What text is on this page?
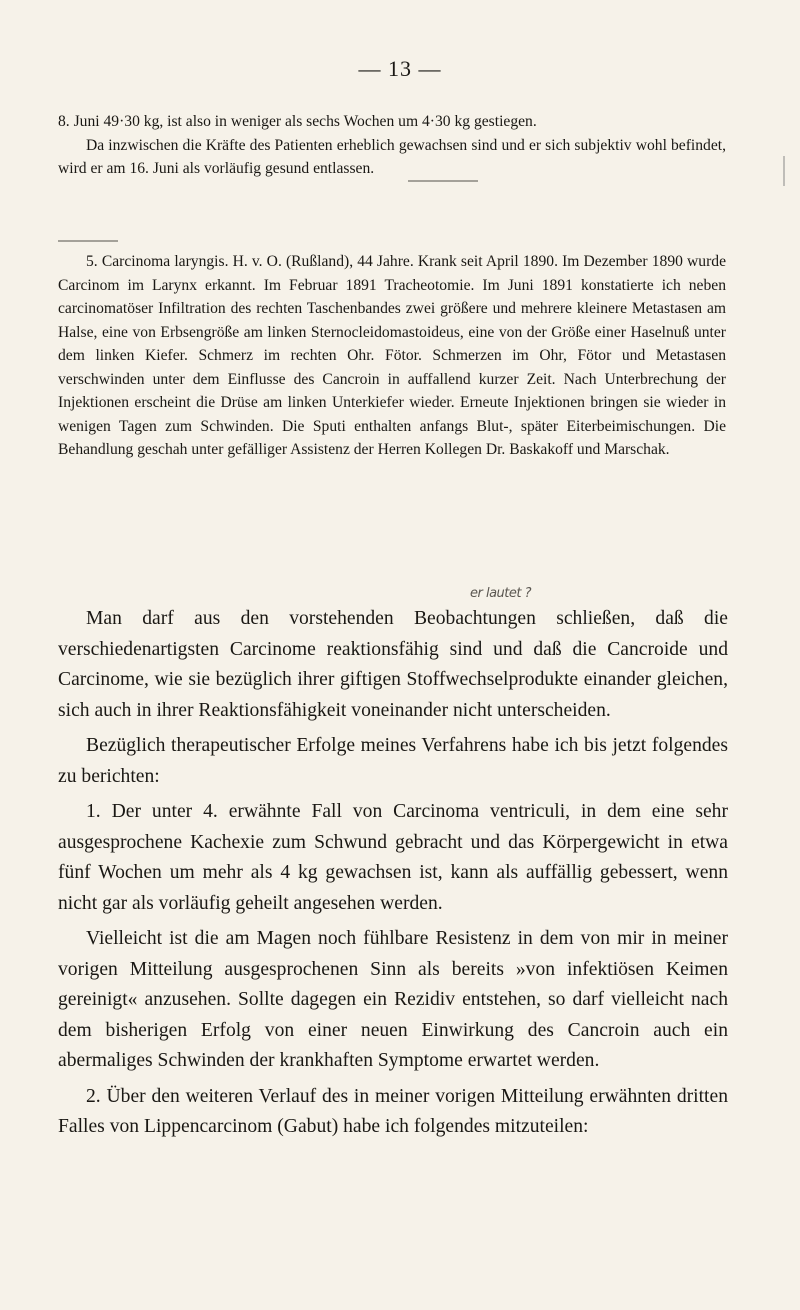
— 13 —

8. Juni 49·30 kg, ist also in weniger als sechs Wochen um 4·30 kg gestiegen.

Da inzwischen die Kräfte des Patienten erheblich gewachsen sind und er sich subjektiv wohl befindet, wird er am 16. Juni als vorläufig gesund entlassen.

5. Carcinoma laryngis. H. v. O. (Rußland), 44 Jahre. Krank seit April 1890. Im Dezember 1890 wurde Carcinom im Larynx erkannt. Im Februar 1891 Tracheotomie. Im Juni 1891 konstatierte ich neben carcinomatöser Infiltration des rechten Taschenbandes zwei größere und mehrere kleinere Metastasen am Halse, eine von Erbsengröße am linken Sternocleidomastoideus, eine von der Größe einer Haselnuß unter dem linken Kiefer. Schmerz im rechten Ohr. Fötor. Schmerzen im Ohr, Fötor und Metastasen verschwinden unter dem Einflusse des Cancroin in auffallend kurzer Zeit. Nach Unterbrechung der Injektionen erscheint die Drüse am linken Unterkiefer wieder. Erneute Injektionen bringen sie wieder in wenigen Tagen zum Schwinden. Die Sputi enthalten anfangs Blut-, später Eiterbeimischungen. Die Behandlung geschah unter gefälliger Assistenz der Herren Kollegen Dr. Baskakoff und Marschak.

er lautet ?

Man darf aus den vorstehenden Beobachtungen schließen, daß die verschiedenartigsten Carcinome reaktionsfähig sind und daß die Cancroide und Carcinome, wie sie bezüglich ihrer giftigen Stoffwechselprodukte einander gleichen, sich auch in ihrer Reaktionsfähigkeit voneinander nicht unterscheiden.

Bezüglich therapeutischer Erfolge meines Verfahrens habe ich bis jetzt folgendes zu berichten:

1. Der unter 4. erwähnte Fall von Carcinoma ventriculi, in dem eine sehr ausgesprochene Kachexie zum Schwund gebracht und das Körpergewicht in etwa fünf Wochen um mehr als 4 kg gewachsen ist, kann als auffällig gebessert, wenn nicht gar als vorläufig geheilt angesehen werden.

Vielleicht ist die am Magen noch fühlbare Resistenz in dem von mir in meiner vorigen Mitteilung ausgesprochenen Sinn als bereits »von infektiösen Keimen gereinigt« anzusehen. Sollte dagegen ein Rezidiv entstehen, so darf vielleicht nach dem bisherigen Erfolg von einer neuen Einwirkung des Cancroin auch ein abermaliges Schwinden der krankhaften Symptome erwartet werden.

2. Über den weiteren Verlauf des in meiner vorigen Mitteilung erwähnten dritten Falles von Lippencarcinom (Gabut) habe ich folgendes mitzuteilen:
